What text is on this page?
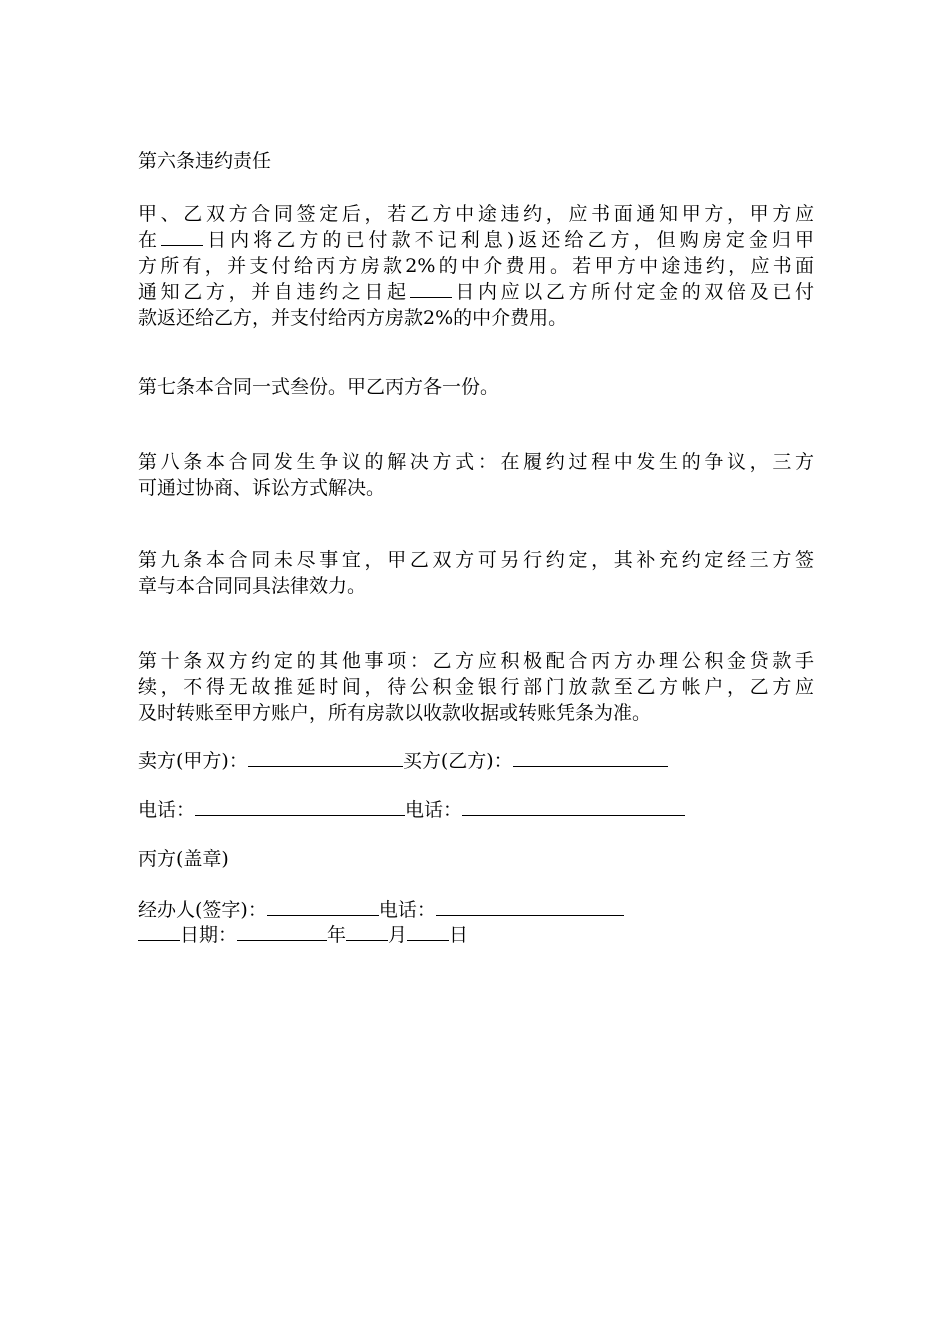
第六条违约责任
甲、乙双方合同签定后，若乙方中途违约，应书面通知甲方，甲方应
在 日内将乙方的已付款不记利息)返还给乙方，但购房定金归甲
方所有，并支付给丙方房款2%的中介费用。若甲方中途违约，应书面
通知乙方，并自违约之日起 日内应以乙方所付定金的双倍及已付
款返还给乙方，并支付给丙方房款2%的中介费用。
第七条本合同一式叁份。甲乙丙方各一份。
第八条本合同发生争议的解决方式：在履约过程中发生的争议，三方
可通过协商、诉讼方式解决。
第九条本合同未尽事宜，甲乙双方可另行约定，其补充约定经三方签
章与本合同同具法律效力。
第十条双方约定的其他事项：乙方应积极配合丙方办理公积金贷款手
续，不得无故推延时间，待公积金银行部门放款至乙方帐户，乙方应
及时转账至甲方账户，所有房款以收款收据或转账凭条为准。
卖方(甲方)：	买方(乙方)：
电话：	电话：
丙方(盖章)
经办人(签字)：	电话：
日期：	年 月 日
